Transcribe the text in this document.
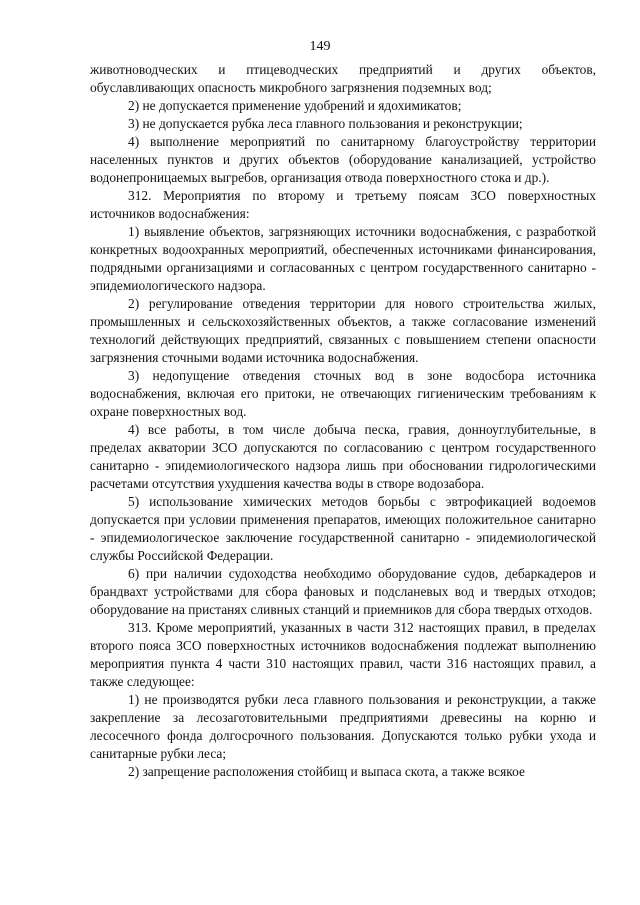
149

животноводческих и птицеводческих предприятий и других объектов, обуславливающих опасность микробного загрязнения подземных вод;

2) не допускается применение удобрений и ядохимикатов;

3) не допускается рубка леса главного пользования и реконструкции;

4) выполнение мероприятий по санитарному благоустройству территории населенных пунктов и других объектов (оборудование канализацией, устройство водонепроницаемых выгребов, организация отвода поверхностного стока и др.).

312. Мероприятия по второму и третьему поясам ЗСО поверхностных источников водоснабжения:

1) выявление объектов, загрязняющих источники водоснабжения, с разработкой конкретных водоохранных мероприятий, обеспеченных источниками финансирования, подрядными организациями и согласованных с центром государственного санитарно - эпидемиологического надзора.

2) регулирование отведения территории для нового строительства жилых, промышленных и сельскохозяйственных объектов, а также согласование изменений технологий действующих предприятий, связанных с повышением степени опасности загрязнения сточными водами источника водоснабжения.

3) недопущение отведения сточных вод в зоне водосбора источника водоснабжения, включая его притоки, не отвечающих гигиеническим требованиям к охране поверхностных вод.

4) все работы, в том числе добыча песка, гравия, донноуглубительные, в пределах акватории ЗСО допускаются по согласованию с центром государственного санитарно - эпидемиологического надзора лишь при обосновании гидрологическими расчетами отсутствия ухудшения качества воды в створе водозабора.

5) использование химических методов борьбы с эвтрофикацией водоемов допускается при условии применения препаратов, имеющих положительное санитарно - эпидемиологическое заключение государственной санитарно - эпидемиологической службы Российской Федерации.

6) при наличии судоходства необходимо оборудование судов, дебаркадеров и брандвахт устройствами для сбора фановых и подсланевых вод и твердых отходов; оборудование на пристанях сливных станций и приемников для сбора твердых отходов.

313. Кроме мероприятий, указанных в части 312 настоящих правил, в пределах второго пояса ЗСО поверхностных источников водоснабжения подлежат выполнению мероприятия пункта 4 части 310 настоящих правил, части 316 настоящих правил, а также следующее:

1) не производятся рубки леса главного пользования и реконструкции, а также закрепление за лесозаготовительными предприятиями древесины на корню и лесосечного фонда долгосрочного пользования. Допускаются только рубки ухода и санитарные рубки леса;

2) запрещение расположения стойбищ и выпаса скота, а также всякое
